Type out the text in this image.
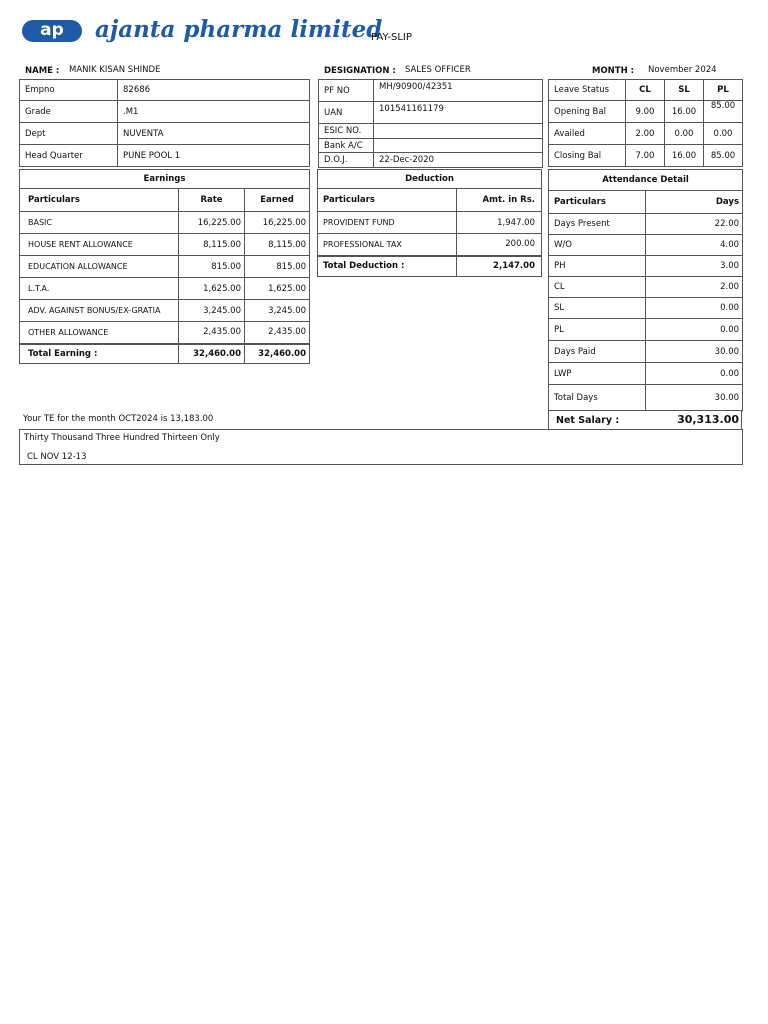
ap	ajanta pharma limited
PAY-SLIP
NAME : MANIK KISAN SHINDE	DESIGNATION : SALES OFFICER	MONTH : November 2024
Empno	82686
Grade	.M1
Dept	NUVENTA
Head Quarter	PUNE POOL 1
PF NO	MH/90900/42351
UAN	101541161179
ESIC NO.	
Bank A/C	
D.O.J.	22-Dec-2020
Leave Status	CL	SL	PL
Opening Bal	9.00	16.00	85.00
Availed	2.00	0.00	0.00
Closing Bal	7.00	16.00	85.00
Earnings		
Particulars	Rate	Earned
BASIC	16,225.00	16,225.00
HOUSE RENT ALLOWANCE	8,115.00	8,115.00
EDUCATION ALLOWANCE	815.00	815.00
L.T.A.	1,625.00	1,625.00
ADV. AGAINST BONUS/EX-GRATIA	3,245.00	3,245.00
OTHER ALLOWANCE	2,435.00	2,435.00
Total Earning :	32,460.00	32,460.00
Deduction	
Particulars	Amt. in Rs.
PROVIDENT FUND	1,947.00
PROFESSIONAL TAX	200.00
Total Deduction :	2,147.00
Attendance Detail	
Particulars	Days
Days Present	22.00
W/O	4.00
PH	3.00
CL	2.00
SL	0.00
PL	0.00
Days Paid	30.00
LWP	0.00
Total Days	30.00
Your TE for the month OCT2024 is 13,183.00	Net Salary :	30,313.00
Thirty Thousand Three Hundred Thirteen Only
CL NOV 12-13
